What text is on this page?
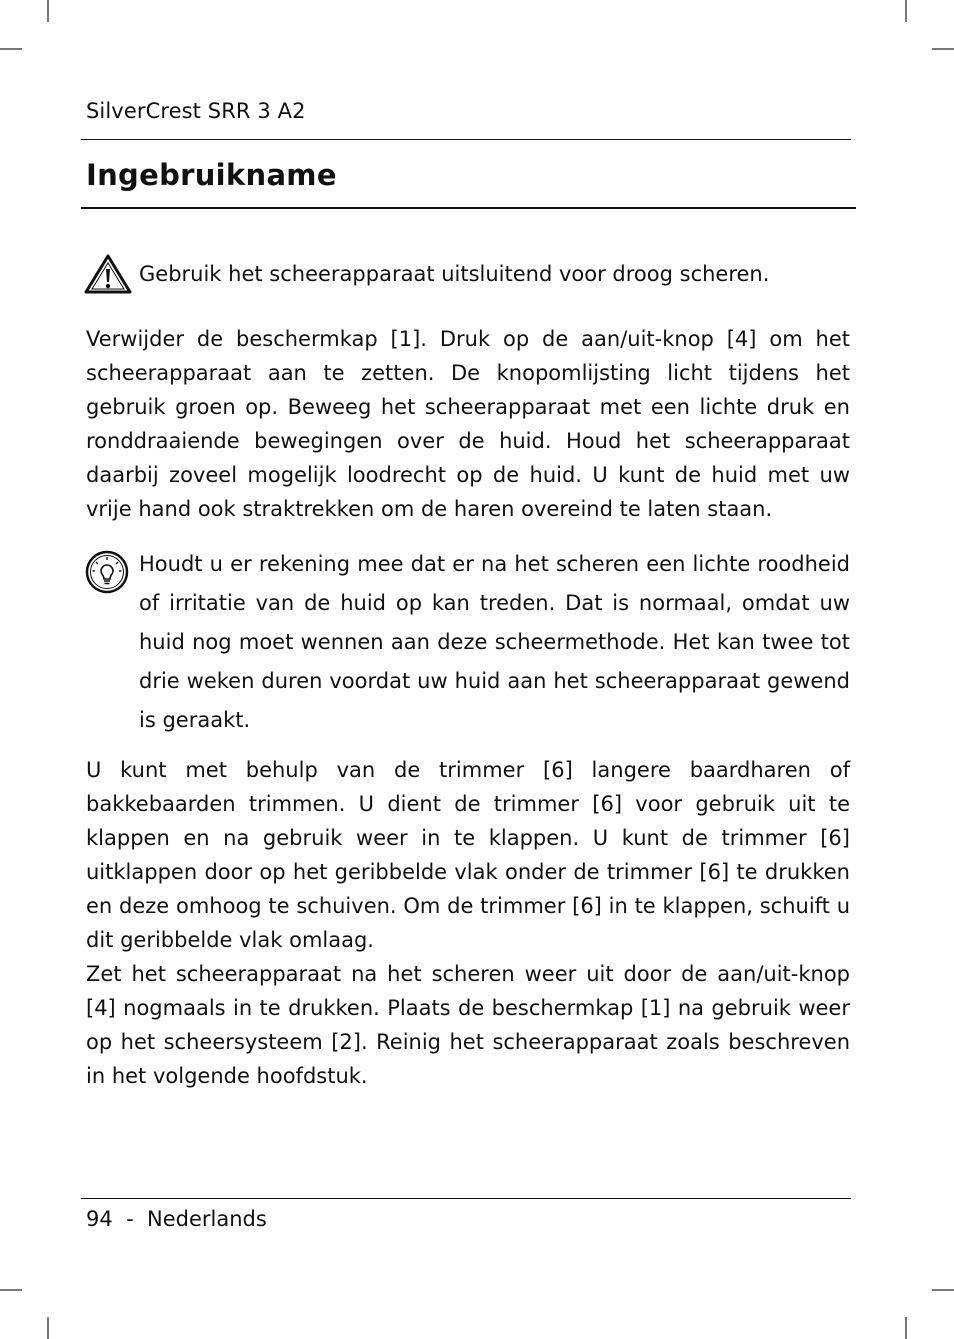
SilverCrest SRR 3 A2
Ingebruikname
Gebruik het scheerapparaat uitsluitend voor droog scheren.

Verwijder de beschermkap [1]. Druk op de aan/uit-knop [4] om het scheerapparaat aan te zetten. De knopomlijsting licht tijdens het gebruik groen op. Beweeg het scheerapparaat met een lichte druk en ronddraaiende bewegingen over de huid. Houd het scheerapparaat daarbij zoveel mogelijk loodrecht op de huid. U kunt de huid met uw vrije hand ook straktrekken om de haren overeind te laten staan.

Houdt u er rekening mee dat er na het scheren een lichte roodheid of irritatie van de huid op kan treden. Dat is normaal, omdat uw huid nog moet wennen aan deze scheermethode. Het kan twee tot drie weken duren voordat uw huid aan het scheerapparaat gewend is geraakt.

U kunt met behulp van de trimmer [6] langere baardharen of bakkebaarden trimmen. U dient de trimmer [6] voor gebruik uit te klappen en na gebruik weer in te klappen. U kunt de trimmer [6] uitklappen door op het geribbelde vlak onder de trimmer [6] te drukken en deze omhoog te schuiven. Om de trimmer [6] in te klappen, schuift u dit geribbelde vlak omlaag.

Zet het scheerapparaat na het scheren weer uit door de aan/uit-knop [4] nogmaals in te drukken. Plaats de beschermkap [1] na gebruik weer op het scheersysteem [2]. Reinig het scheerapparaat zoals beschreven in het volgende hoofdstuk.

94  -  Nederlands
